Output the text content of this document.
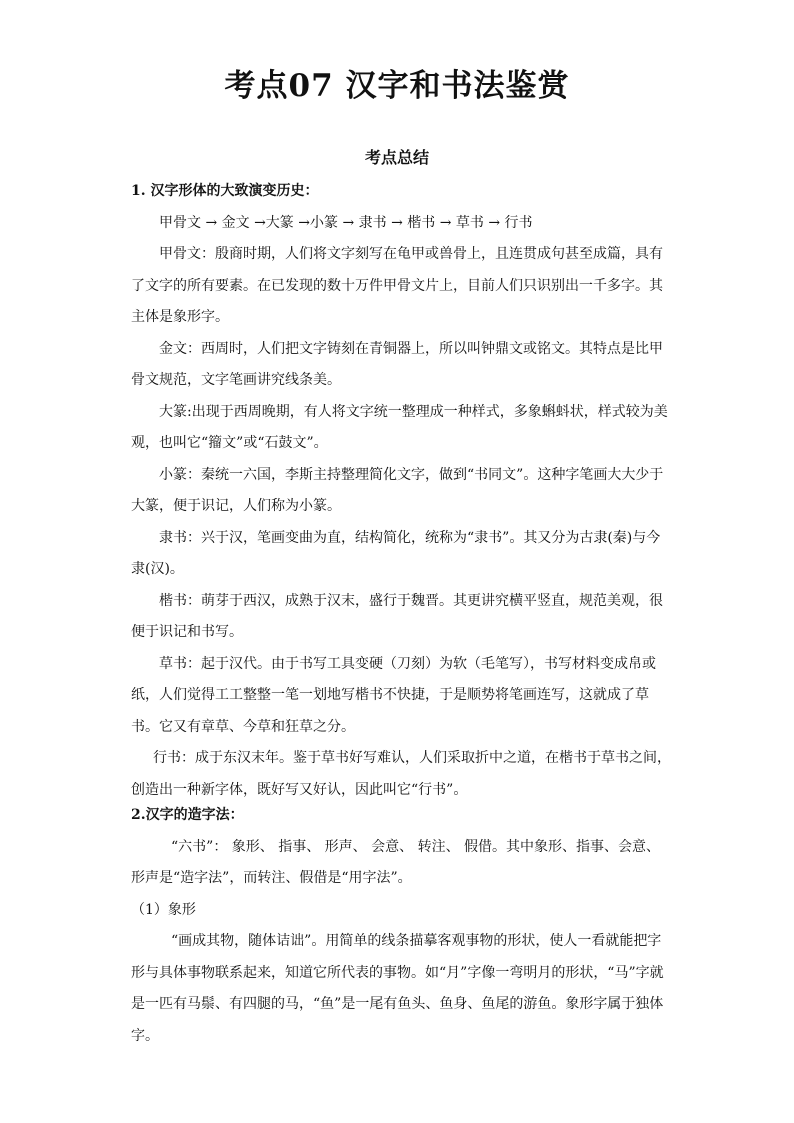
考点07 汉字和书法鉴赏
考点总结

1. 汉字形体的大致演变历史：

甲骨文 → 金文 →大篆 →小篆 → 隶书 → 楷书 → 草书 → 行书

甲骨文：殷商时期，人们将文字刻写在龟甲或兽骨上，且连贯成句甚至成篇，具有了文字的所有要素。在已发现的数十万件甲骨文片上，目前人们只识别出一千多字。其主体是象形字。

金文：西周时，人们把文字铸刻在青铜器上，所以叫钟鼎文或铭文。其特点是比甲骨文规范，文字笔画讲究线条美。

大篆:出现于西周晚期，有人将文字统一整理成一种样式，多象蝌蚪状，样式较为美观，也叫它“籀文”或“石鼓文”。

小篆：秦统一六国，李斯主持整理简化文字，做到“书同文”。这种字笔画大大少于大篆，便于识记，人们称为小篆。

隶书：兴于汉，笔画变曲为直，结构简化，统称为“隶书”。其又分为古隶(秦)与今隶(汉)。

楷书：萌芽于西汉，成熟于汉末，盛行于魏晋。其更讲究横平竖直，规范美观，很便于识记和书写。

草书：起于汉代。由于书写工具变硬（刀刻）为软（毛笔写），书写材料变成帛或纸，人们觉得工工整整一笔一划地写楷书不快捷，于是顺势将笔画连写，这就成了草书。它又有章草、今草和狂草之分。

行书：成于东汉末年。鉴于草书好写难认，人们采取折中之道，在楷书于草书之间，创造出一种新字体，既好写又好认，因此叫它“行书”。

2.汉字的造字法：

“六书”： 象形、 指事、 形声、 会意、 转注、 假借。其中象形、指事、会意、形声是“造字法”，而转注、假借是“用字法”。

（1）象形

“画成其物，随体诘诎”。用简单的线条描摹客观事物的形状，使人一看就能把字形与具体事物联系起来，知道它所代表的事物。如“月”字像一弯明月的形状，“马”字就是一匹有马鬃、有四腿的马，“鱼”是一尾有鱼头、鱼身、鱼尾的游鱼。象形字属于独体字。
